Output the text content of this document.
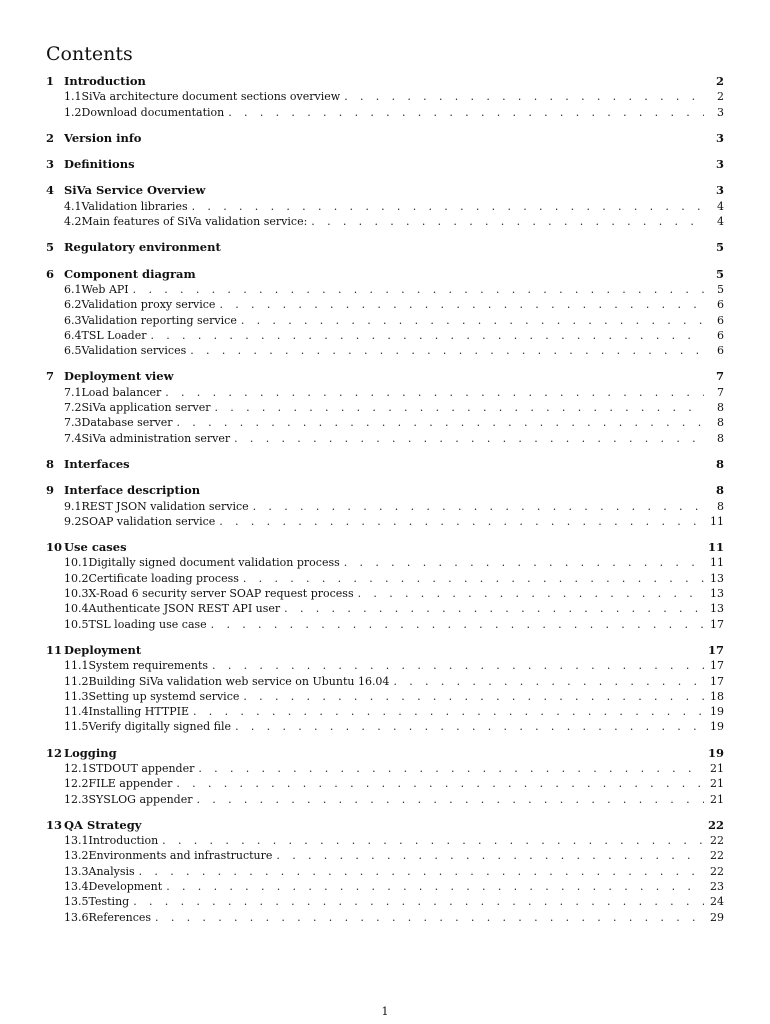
Contents
1 Introduction	2
1.1 SiVa architecture document sections overview . . .	2
1.2 Download documentation . . .	3
2 Version info	3
3 Definitions	3
4 SiVa Service Overview	3
4.1 Validation libraries . . .	4
4.2 Main features of SiVa validation service: . . .	4
5 Regulatory environment	5
6 Component diagram	5
6.1 Web API . . .	5
6.2 Validation proxy service . . .	6
6.3 Validation reporting service . . .	6
6.4 TSL Loader . . .	6
6.5 Validation services . . .	6
7 Deployment view	7
7.1 Load balancer . . .	7
7.2 SiVa application server . . .	8
7.3 Database server . . .	8
7.4 SiVa administration server . . .	8
8 Interfaces	8
9 Interface description	8
9.1 REST JSON validation service . . .	8
9.2 SOAP validation service . . .	11
10 Use cases	11
10.1 Digitally signed document validation process . . .	11
10.2 Certificate loading process . . .	13
10.3 X-Road 6 security server SOAP request process . . .	13
10.4 Authenticate JSON REST API user . . .	13
10.5 TSL loading use case . . .	17
11 Deployment	17
11.1 System requirements . . .	17
11.2 Building SiVa validation web service on Ubuntu 16.04 . . .	17
11.3 Setting up systemd service . . .	18
11.4 Installing HTTPIE . . .	19
11.5 Verify digitally signed file . . .	19
12 Logging	19
12.1 STDOUT appender . . .	21
12.2 FILE appender . . .	21
12.3 SYSLOG appender . . .	21
13 QA Strategy	22
13.1 Introduction . . .	22
13.2 Environments and infrastructure . . .	22
13.3 Analysis . . .	22
13.4 Development . . .	23
13.5 Testing . . .	24
13.6 References . . .	29
1
